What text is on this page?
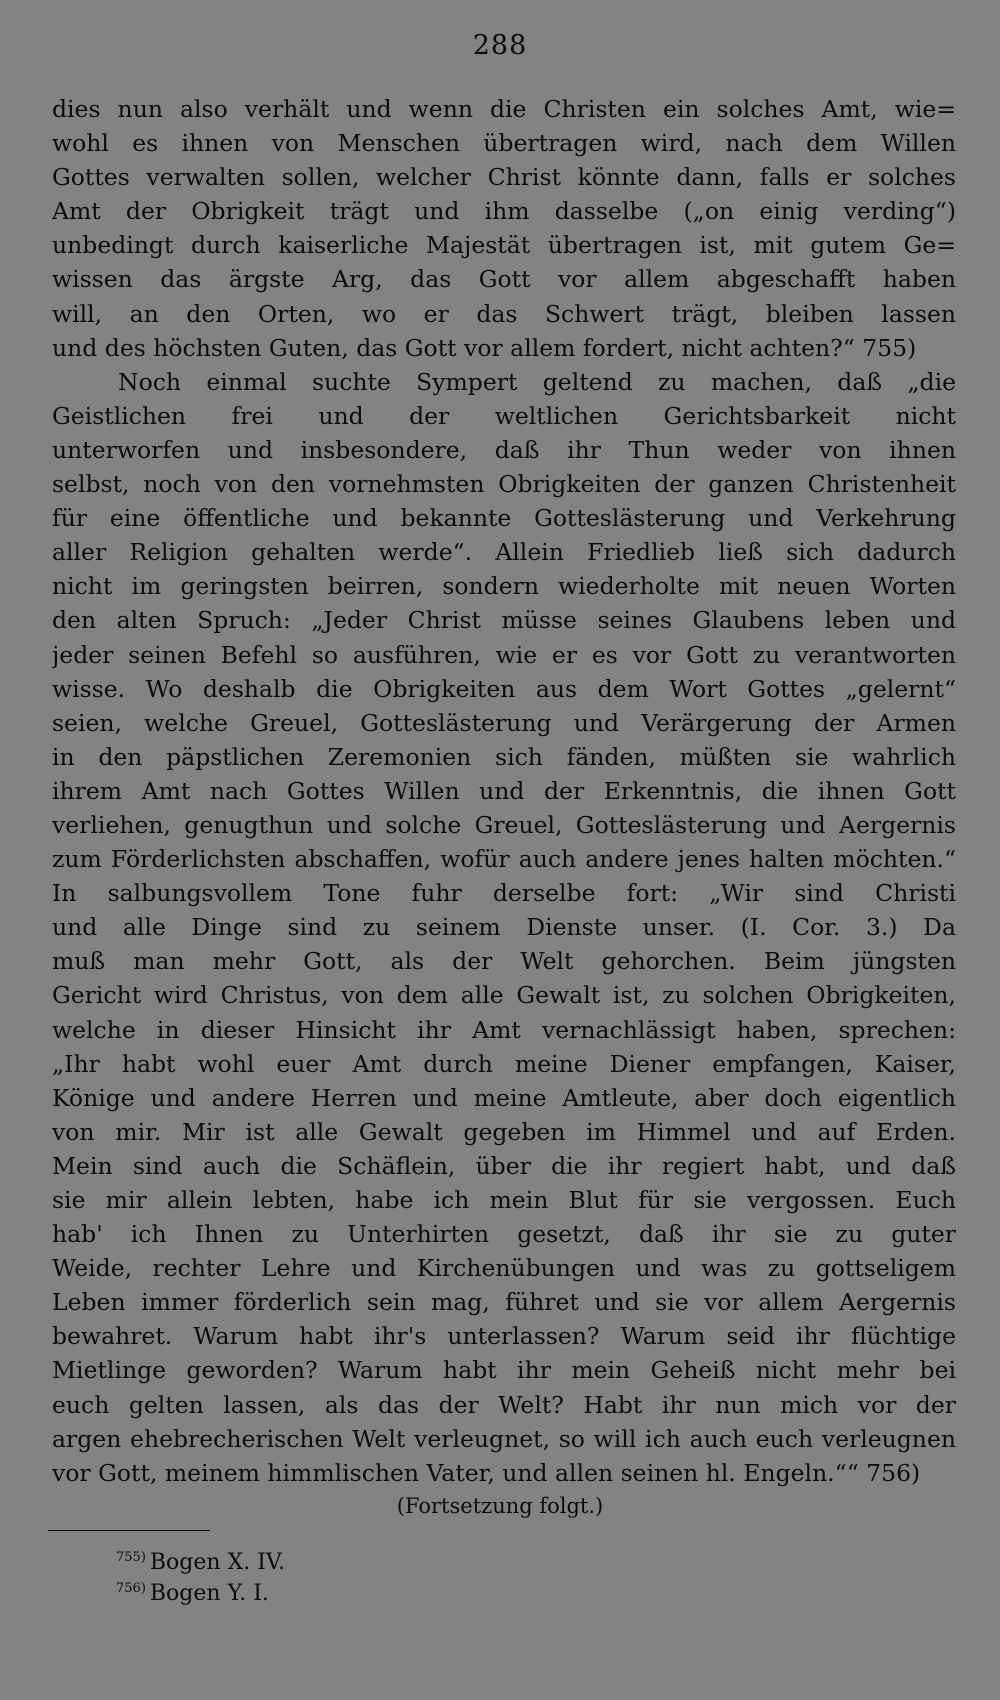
288
dies nun also verhält und wenn die Christen ein solches Amt, wie=
wohl es ihnen von Menschen übertragen wird, nach dem Willen
Gottes verwalten sollen, welcher Christ könnte dann, falls er solches
Amt der Obrigkeit trägt und ihm dasselbe („on einig verding“)
unbedingt durch kaiserliche Majestät übertragen ist, mit gutem Ge=
wissen das ärgste Arg, das Gott vor allem abgeschafft haben
will, an den Orten, wo er das Schwert trägt, bleiben lassen
und des höchsten Guten, das Gott vor allem fordert, nicht achten?“ 755)
Noch einmal suchte Sympert geltend zu machen, daß „die
Geistlichen frei und der weltlichen Gerichtsbarkeit nicht
unterworfen und insbesondere, daß ihr Thun weder von ihnen
selbst, noch von den vornehmsten Obrigkeiten der ganzen Christenheit
für eine öffentliche und bekannte Gotteslästerung und Verkehrung
aller Religion gehalten werde“. Allein Friedlieb ließ sich dadurch
nicht im geringsten beirren, sondern wiederholte mit neuen Worten
den alten Spruch: „Jeder Christ müsse seines Glaubens leben und
jeder seinen Befehl so ausführen, wie er es vor Gott zu verantworten
wisse. Wo deshalb die Obrigkeiten aus dem Wort Gottes „gelernt“
seien, welche Greuel, Gotteslästerung und Verärgerung der Armen
in den päpstlichen Zeremonien sich fänden, müßten sie wahrlich
ihrem Amt nach Gottes Willen und der Erkenntnis, die ihnen Gott
verliehen, genugthun und solche Greuel, Gotteslästerung und Aergernis
zum Förderlichsten abschaffen, wofür auch andere jenes halten möchten.“
In salbungsvollem Tone fuhr derselbe fort: „Wir sind Christi
und alle Dinge sind zu seinem Dienste unser. (I. Cor. 3.) Da
muß man mehr Gott, als der Welt gehorchen. Beim jüngsten
Gericht wird Christus, von dem alle Gewalt ist, zu solchen Obrigkeiten,
welche in dieser Hinsicht ihr Amt vernachlässigt haben, sprechen:
„Ihr habt wohl euer Amt durch meine Diener empfangen, Kaiser,
Könige und andere Herren und meine Amtleute, aber doch eigentlich
von mir. Mir ist alle Gewalt gegeben im Himmel und auf Erden.
Mein sind auch die Schäflein, über die ihr regiert habt, und daß
sie mir allein lebten, habe ich mein Blut für sie vergossen. Euch
hab' ich Ihnen zu Unterhirten gesetzt, daß ihr sie zu guter
Weide, rechter Lehre und Kirchenübungen und was zu gottseligem
Leben immer förderlich sein mag, führet und sie vor allem Aergernis
bewahret. Warum habt ihr's unterlassen? Warum seid ihr flüchtige
Mietlinge geworden? Warum habt ihr mein Geheiß nicht mehr bei
euch gelten lassen, als das der Welt? Habt ihr nun mich vor der
argen ehebrecherischen Welt verleugnet, so will ich auch euch verleugnen
vor Gott, meinem himmlischen Vater, und allen seinen hl. Engeln.““ 756)
(Fortsetzung folgt.)
$^{755)}$ Bogen X. IV.
$^{756)}$ Bogen Y. I.
